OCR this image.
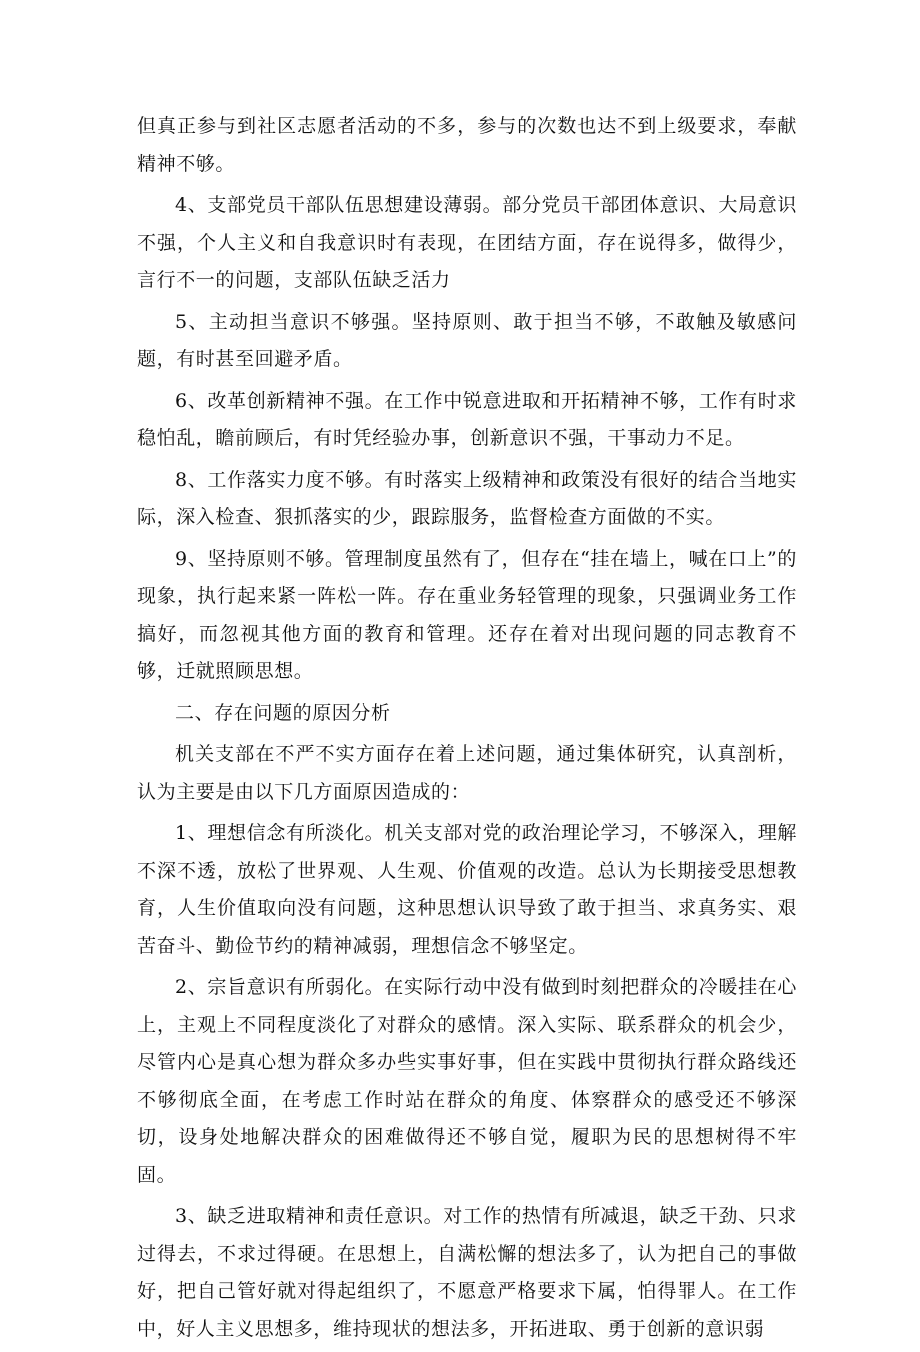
但真正参与到社区志愿者活动的不多，参与的次数也达不到上级要求，奉献精神不够。

4、支部党员干部队伍思想建设薄弱。部分党员干部团体意识、大局意识不强，个人主义和自我意识时有表现，在团结方面，存在说得多，做得少，言行不一的问题，支部队伍缺乏活力

5、主动担当意识不够强。坚持原则、敢于担当不够，不敢触及敏感问题，有时甚至回避矛盾。

6、改革创新精神不强。在工作中锐意进取和开拓精神不够，工作有时求稳怕乱，瞻前顾后，有时凭经验办事，创新意识不强，干事动力不足。

8、工作落实力度不够。有时落实上级精神和政策没有很好的结合当地实际，深入检查、狠抓落实的少，跟踪服务，监督检查方面做的不实。

9、坚持原则不够。管理制度虽然有了，但存在“挂在墙上，喊在口上”的现象，执行起来紧一阵松一阵。存在重业务轻管理的现象，只强调业务工作搞好，而忽视其他方面的教育和管理。还存在着对出现问题的同志教育不够，迁就照顾思想。

二、存在问题的原因分析

机关支部在不严不实方面存在着上述问题，通过集体研究，认真剖析，认为主要是由以下几方面原因造成的：

1、理想信念有所淡化。机关支部对党的政治理论学习，不够深入，理解不深不透，放松了世界观、人生观、价值观的改造。总认为长期接受思想教育，人生价值取向没有问题，这种思想认识导致了敢于担当、求真务实、艰苦奋斗、勤俭节约的精神减弱，理想信念不够坚定。

2、宗旨意识有所弱化。在实际行动中没有做到时刻把群众的冷暖挂在心上，主观上不同程度淡化了对群众的感情。深入实际、联系群众的机会少，尽管内心是真心想为群众多办些实事好事，但在实践中贯彻执行群众路线还不够彻底全面，在考虑工作时站在群众的角度、体察群众的感受还不够深切，设身处地解决群众的困难做得还不够自觉，履职为民的思想树得不牢固。

3、缺乏进取精神和责任意识。对工作的热情有所减退，缺乏干劲、只求过得去，不求过得硬。在思想上，自满松懈的想法多了，认为把自己的事做好，把自己管好就对得起组织了，不愿意严格要求下属，怕得罪人。在工作中，好人主义思想多，维持现状的想法多，开拓进取、勇于创新的意识弱
